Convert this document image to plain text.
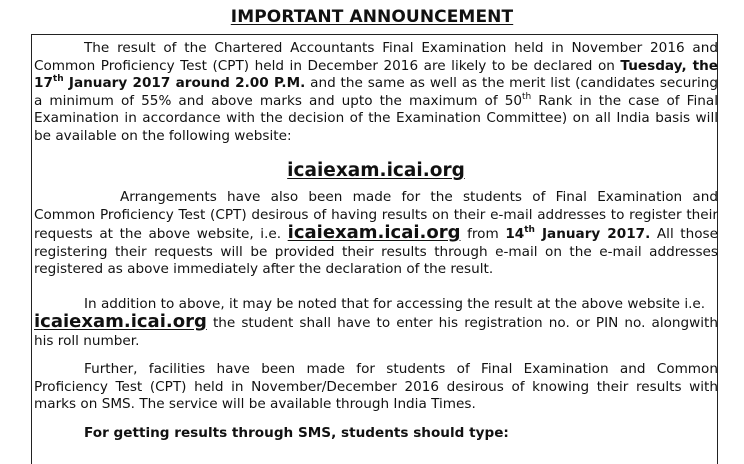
IMPORTANT ANNOUNCEMENT

The result of the Chartered Accountants Final Examination held in November 2016 and Common Proficiency Test (CPT) held in December 2016 are likely to be declared on Tuesday, the 17th January 2017 around 2.00 P.M. and the same as well as the merit list (candidates securing a minimum of 55% and above marks and upto the maximum of 50th Rank in the case of Final Examination in accordance with the decision of the Examination Committee) on all India basis will be available on the following website:

icaiexam.icai.org

Arrangements have also been made for the students of Final Examination and Common Proficiency Test (CPT) desirous of having results on their e-mail addresses to register their requests at the above website, i.e. icaiexam.icai.org from 14th January 2017. All those registering their requests will be provided their results through e-mail on the e-mail addresses registered as above immediately after the declaration of the result.

In addition to above, it may be noted that for accessing the result at the above website i.e.
icaiexam.icai.org the student shall have to enter his registration no. or PIN no. alongwith his roll number.

Further, facilities have been made for students of Final Examination and Common Proficiency Test (CPT) held in November/December 2016 desirous of knowing their results with marks on SMS. The service will be available through India Times.

For getting results through SMS, students should type:
